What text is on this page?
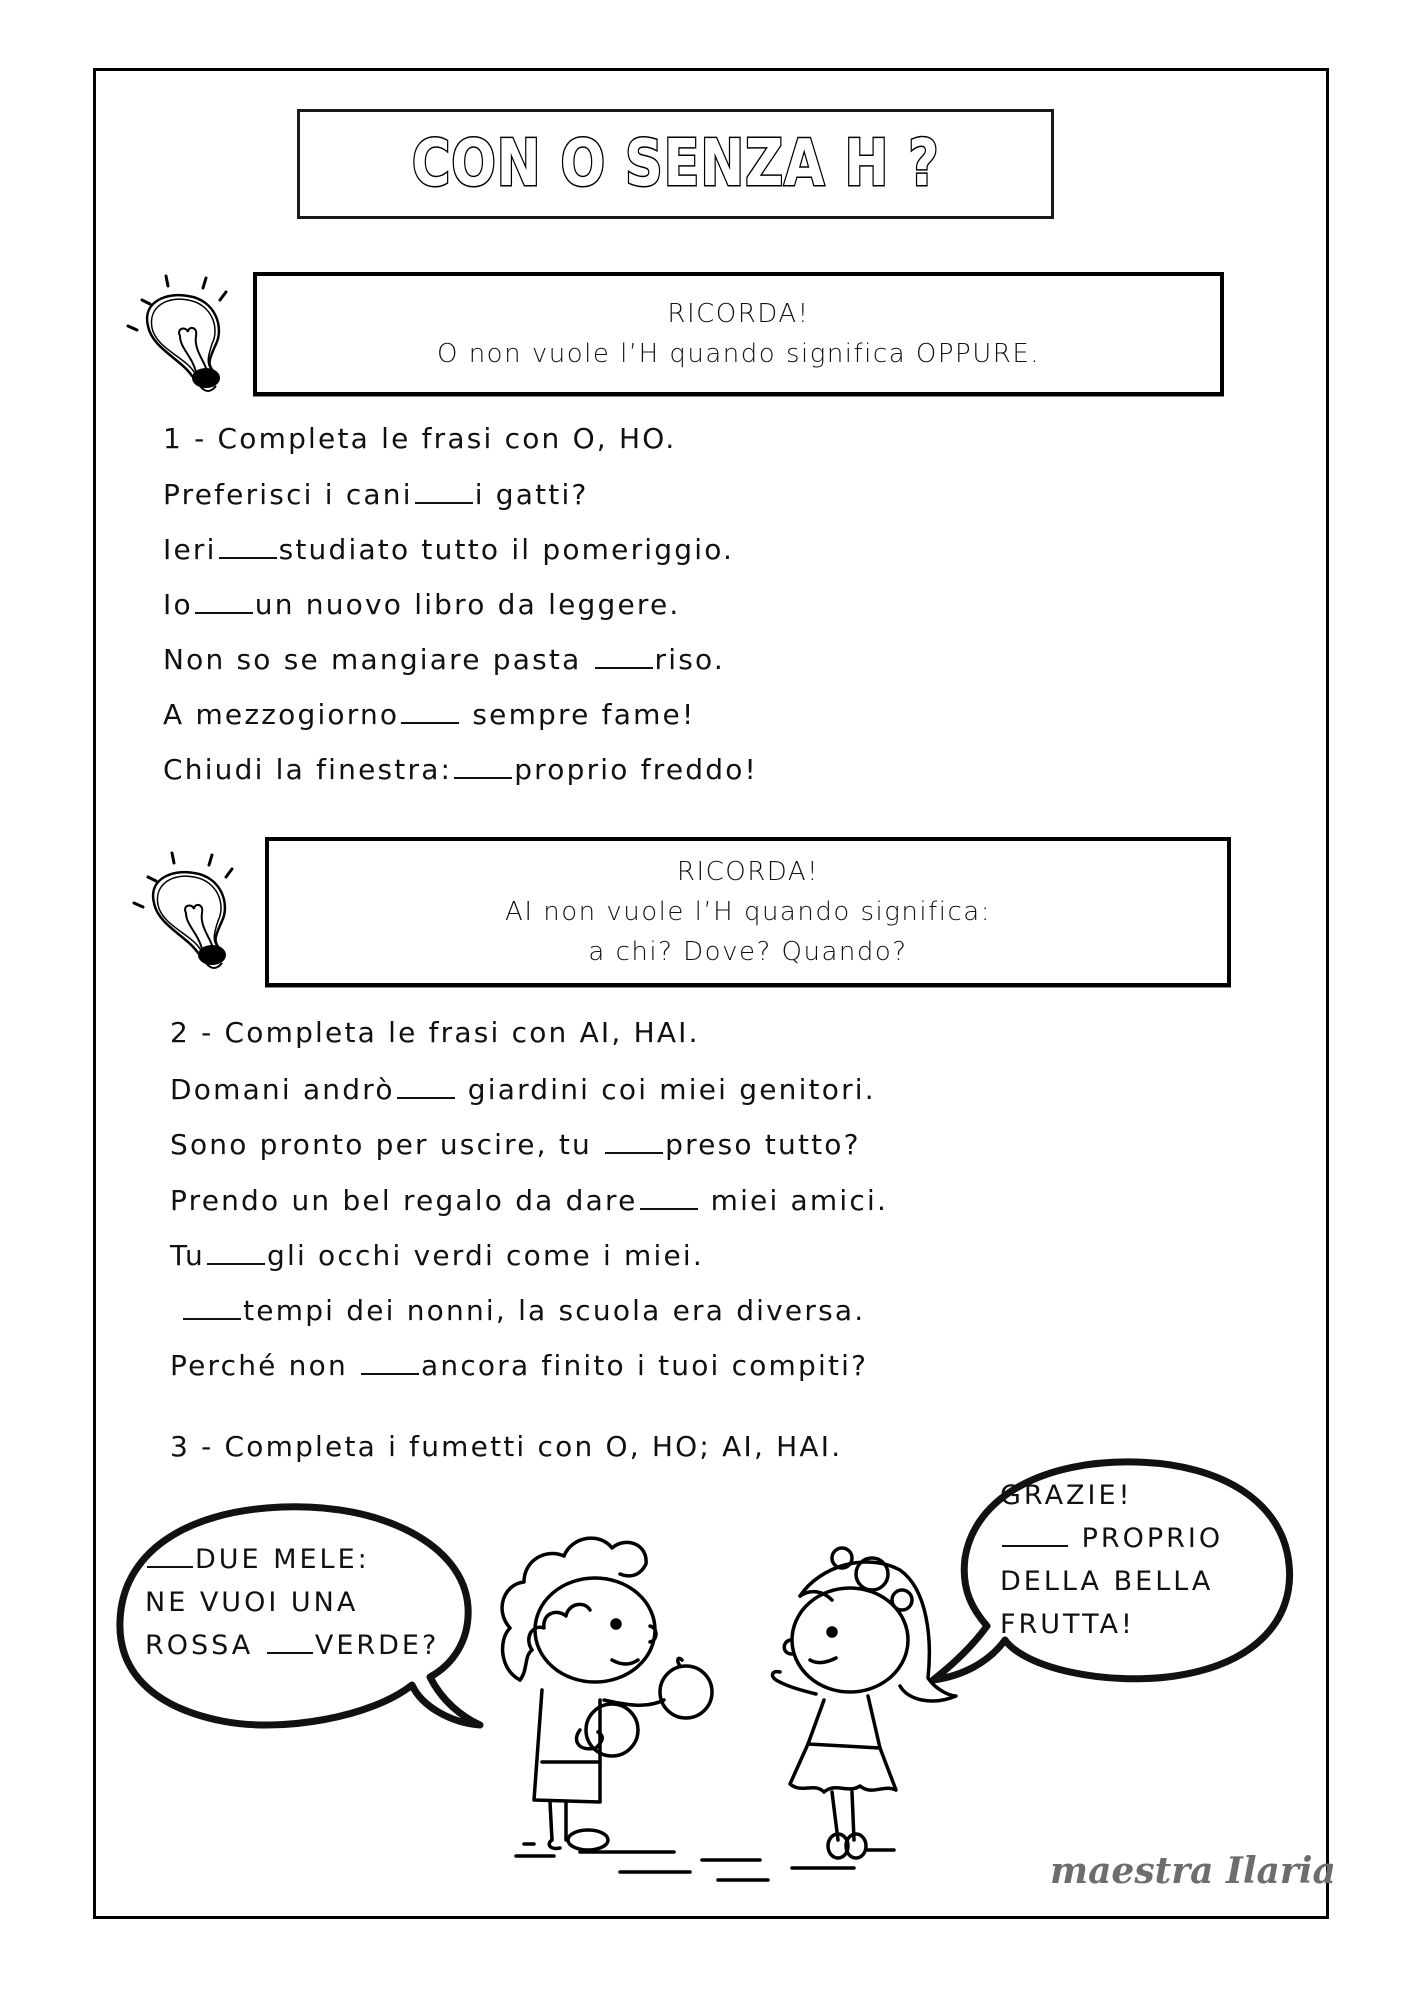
CON O SENZA H ?
RICORDA!
O non vuole l’H quando significa OPPURE.
1 - Completa le frasi con O, HO.
Preferisci i cani i gatti?
Ieri studiato tutto il pomeriggio.
Io un nuovo libro da leggere.
Non so se mangiare pasta riso.
A mezzogiorno sempre fame!
Chiudi la finestra: proprio freddo!
RICORDA!
AI non vuole l’H quando significa:
a chi? Dove? Quando?
2 - Completa le frasi con AI, HAI.
Domani andrò giardini coi miei genitori.
Sono pronto per uscire, tu preso tutto?
Prendo un bel regalo da dare miei amici.
Tu gli occhi verdi come i miei.
tempi dei nonni, la scuola era diversa.
Perché non ancora finito i tuoi compiti?
3 - Completa i fumetti con O, HO; AI, HAI.
DUE MELE:
NE VUOI UNA
ROSSA VERDE?
GRAZIE!
PROPRIO
DELLA BELLA
FRUTTA!
maestra Ilaria
